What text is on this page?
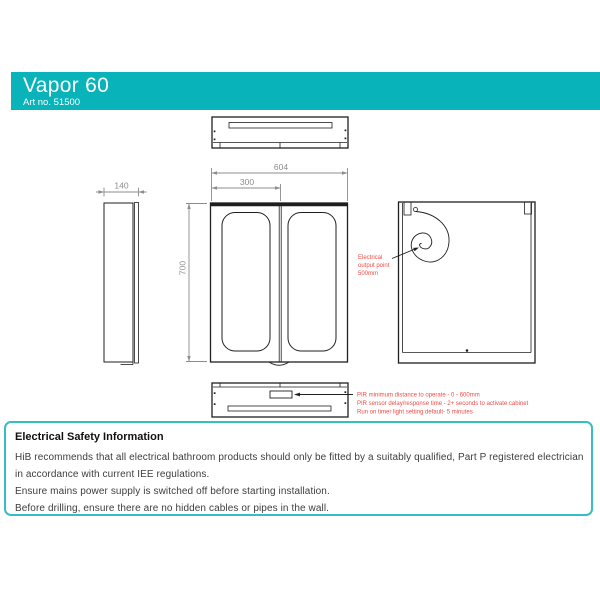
Vapor 60
Art no. 51500
604
300
140
700
Electrical
output point
500mm
PIR minimum distance to operate - 0 - 600mm
PIR sensor delay/response time - 2+ seconds to activate cabinet
Run on timer light setting default- 5 minutes
Electrical Safety Information
HiB recommends that all electrical bathroom products should only be fitted by a suitably qualified, Part P registered electrician
in accordance with current IEE regulations.
Ensure mains power supply is switched off before starting installation.
Before drilling, ensure there are no hidden cables or pipes in the wall.
